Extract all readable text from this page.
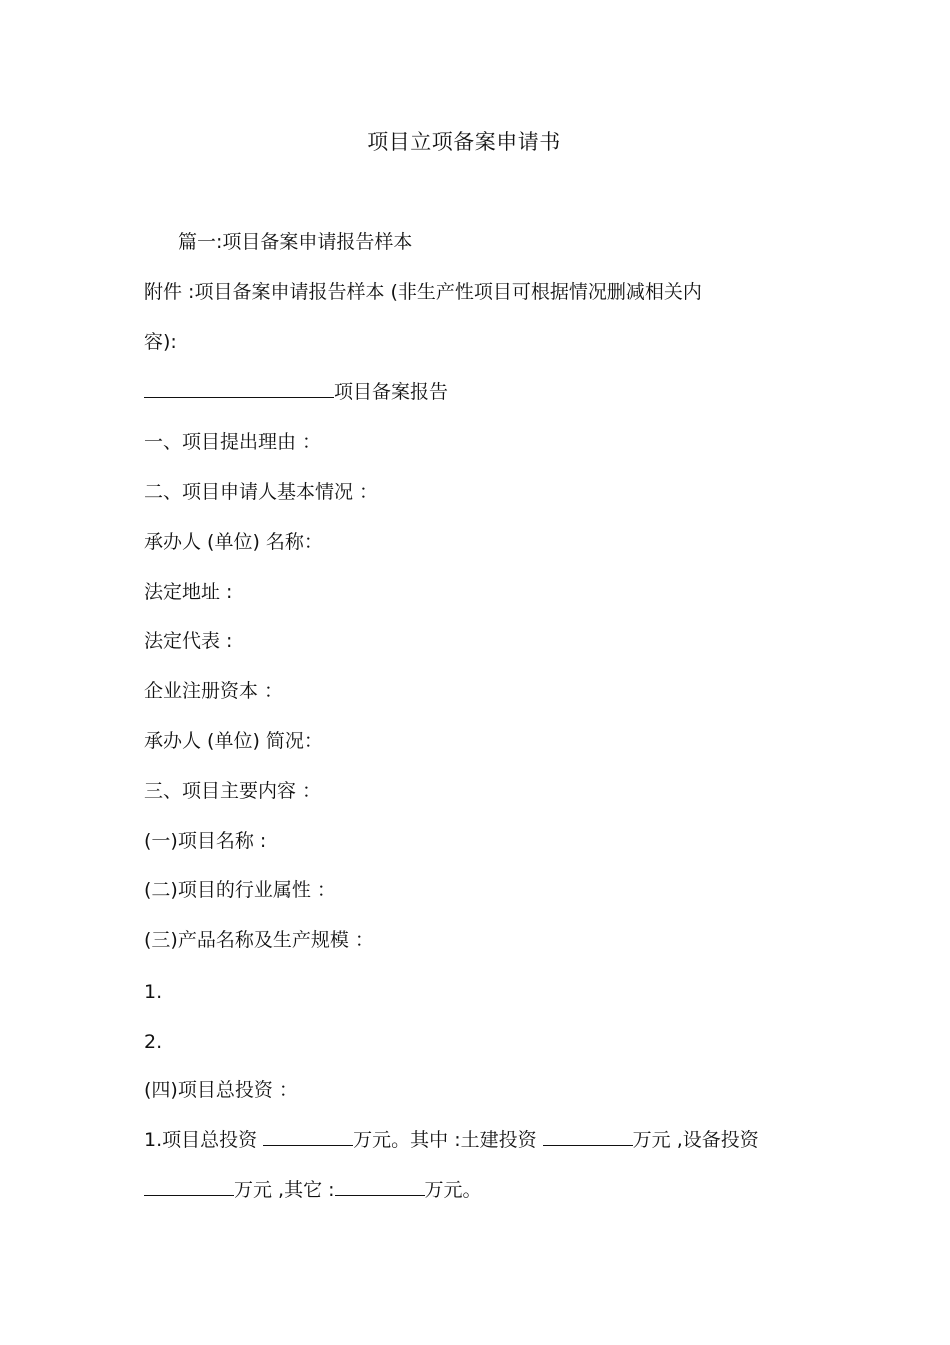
项目立项备案申请书
篇一:项目备案申请报告样本
附件 :项目备案申请报告样本 (非生产性项目可根据情况删减相关内
容):
项目备案报告
一、项目提出理由 ：
二、项目申请人基本情况 ：
承办人 (单位) 名称：
法定地址 :
法定代表 :
企业注册资本 ：
承办人 (单位) 简况：
三、项目主要内容 ：
(一)项目名称 :
(二)项目的行业属性 ：
(三)产品名称及生产规模 ：
1.
2.
(四)项目总投资 ：
1.项目总投资	万元。其中 :土建投资	万元 ,设备投资
万元 ,其它 :	万元。
